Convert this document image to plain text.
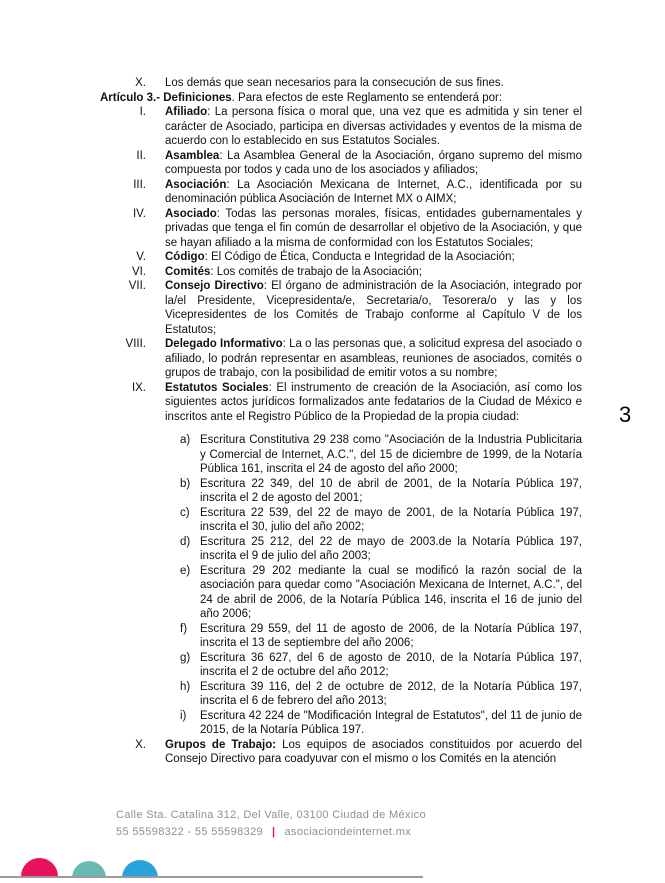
X. Los demás que sean necesarios para la consecución de sus fines.

Artículo 3.- Definiciones. Para efectos de este Reglamento se entenderá por:

I. Afiliado: La persona física o moral que, una vez que es admitida y sin tener el carácter de Asociado, participa en diversas actividades y eventos de la misma de acuerdo con lo establecido en sus Estatutos Sociales.

II. Asamblea: La Asamblea General de la Asociación, órgano supremo del mismo compuesta por todos y cada uno de los asociados y afiliados;

III. Asociación: La Asociación Mexicana de Internet, A.C., identificada por su denominación pública Asociación de Internet MX o AIMX;

IV. Asociado: Todas las personas morales, físicas, entidades gubernamentales y privadas que tenga el fin común de desarrollar el objetivo de la Asociación, y que se hayan afiliado a la misma de conformidad con los Estatutos Sociales;

V. Código: El Código de Ética, Conducta e Integridad de la Asociación;

VI. Comités: Los comités de trabajo de la Asociación;

VII. Consejo Directivo: El órgano de administración de la Asociación, integrado por la/el Presidente, Vicepresidenta/e, Secretaria/o, Tesorera/o y las y los Vicepresidentes de los Comités de Trabajo conforme al Capítulo V de los Estatutos;

VIII. Delegado Informativo: La o las personas que, a solicitud expresa del asociado o afiliado, lo podrán representar en asambleas, reuniones de asociados, comités o grupos de trabajo, con la posibilidad de emitir votos a su nombre;

IX. Estatutos Sociales: El instrumento de creación de la Asociación, así como los siguientes actos jurídicos formalizados ante fedatarios de la Ciudad de México e inscritos ante el Registro Público de la Propiedad de la propia ciudad:

a) Escritura Constitutiva 29 238 como "Asociación de la Industria Publicitaria y Comercial de Internet, A.C.", del 15 de diciembre de 1999, de la Notaría Pública 161, inscrita el 24 de agosto del año 2000;

b) Escritura 22 349, del 10 de abril de 2001, de la Notaría Pública 197, inscrita el 2 de agosto del 2001;

c) Escritura 22 539, del 22 de mayo de 2001, de la Notaría Pública 197, inscrita el 30, julio del año 2002;

d) Escritura 25 212, del 22 de mayo de 2003.de la Notaría Pública 197, inscrita el 9 de julio del año 2003;

e) Escritura 29 202 mediante la cual se modificó la razón social de la asociación para quedar como "Asociación Mexicana de Internet, A.C.", del 24 de abril de 2006, de la Notaría Pública 146, inscrita el 16 de junio del año 2006;

f)	Escritura 29 559, del 11 de agosto de 2006, de la Notaría Pública 197, inscrita el 13 de septiembre del año 2006;

g) Escritura 36 627, del 6 de agosto de 2010, de la Notaría Pública 197, inscrita el 2 de octubre del año 2012;

h) Escritura 39 116, del 2 de octubre de 2012, de la Notaría Pública 197, inscrita el 6 de febrero del año 2013;

i)	Escritura 42 224 de "Modificación Integral de Estatutos", del 11 de junio de 2015, de la Notaría Pública 197.

X. Grupos de Trabajo: Los equipos de asociados constituidos por acuerdo del Consejo Directivo para coadyuvar con el mismo o los Comités en la atención

3
Calle Sta. Catalina 312, Del Valle, 03100 Ciudad de México
55 55598322 - 55 55598329 | asociaciondeinternet.mx
